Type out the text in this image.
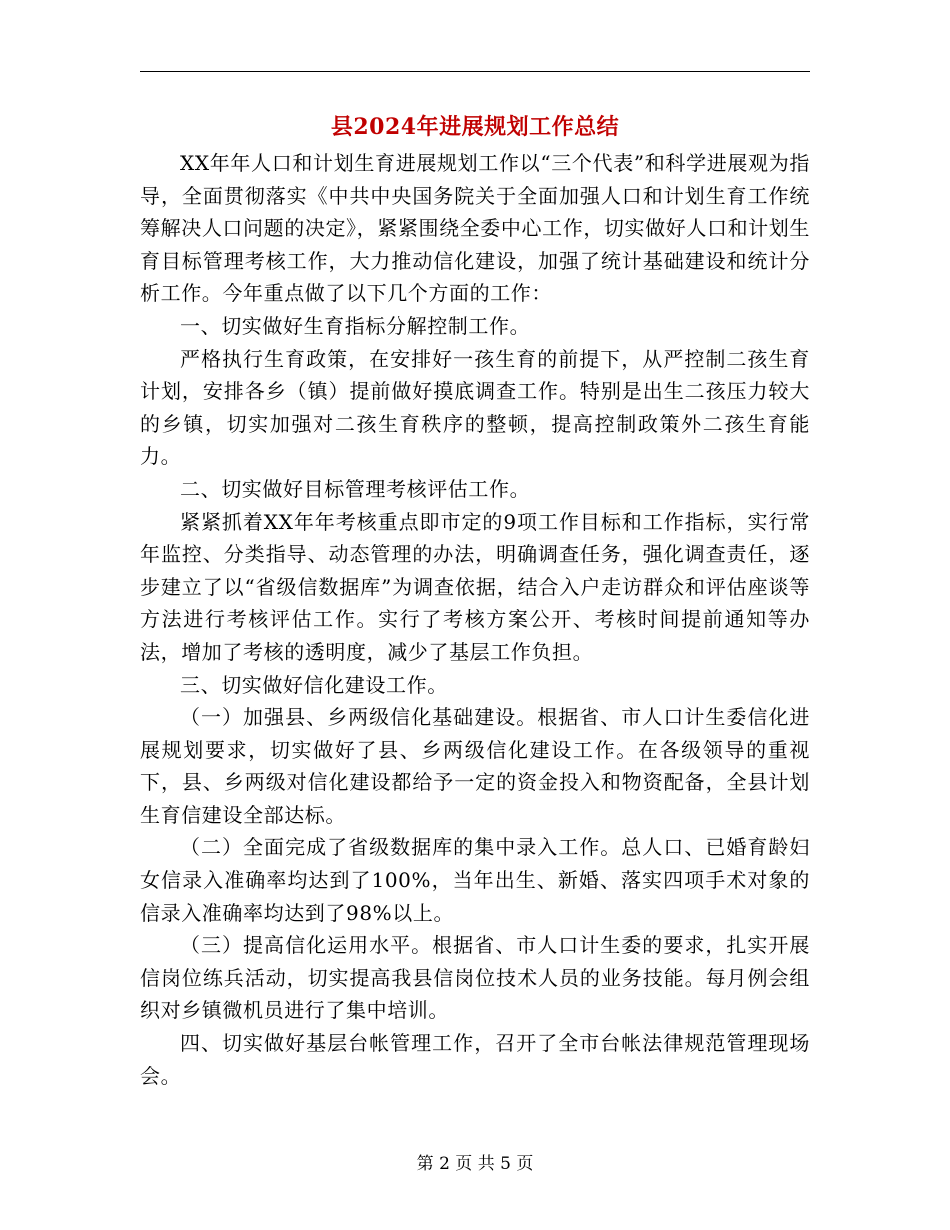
县2024年进展规划工作总结

XX年年人口和计划生育进展规划工作以“三个代表”和科学进展观为指导，全面贯彻落实《中共中央国务院关于全面加强人口和计划生育工作统筹解决人口问题的决定》，紧紧围绕全委中心工作，切实做好人口和计划生育目标管理考核工作，大力推动信化建设，加强了统计基础建设和统计分析工作。今年重点做了以下几个方面的工作：

一、切实做好生育指标分解控制工作。

严格执行生育政策，在安排好一孩生育的前提下，从严控制二孩生育计划，安排各乡（镇）提前做好摸底调查工作。特别是出生二孩压力较大的乡镇，切实加强对二孩生育秩序的整顿，提高控制政策外二孩生育能力。

二、切实做好目标管理考核评估工作。

紧紧抓着XX年年考核重点即市定的9项工作目标和工作指标，实行常年监控、分类指导、动态管理的办法，明确调查任务，强化调查责任，逐步建立了以“省级信数据库”为调查依据，结合入户走访群众和评估座谈等方法进行考核评估工作。实行了考核方案公开、考核时间提前通知等办法，增加了考核的透明度，减少了基层工作负担。

三、切实做好信化建设工作。

（一）加强县、乡两级信化基础建设。根据省、市人口计生委信化进展规划要求，切实做好了县、乡两级信化建设工作。在各级领导的重视下，县、乡两级对信化建设都给予一定的资金投入和物资配备，全县计划生育信建设全部达标。

（二）全面完成了省级数据库的集中录入工作。总人口、已婚育龄妇女信录入准确率均达到了100%，当年出生、新婚、落实四项手术对象的信录入准确率均达到了98%以上。

（三）提高信化运用水平。根据省、市人口计生委的要求，扎实开展信岗位练兵活动，切实提高我县信岗位技术人员的业务技能。每月例会组织对乡镇微机员进行了集中培训。

四、切实做好基层台帐管理工作，召开了全市台帐法律规范管理现场会。

第 2 页 共 5 页
